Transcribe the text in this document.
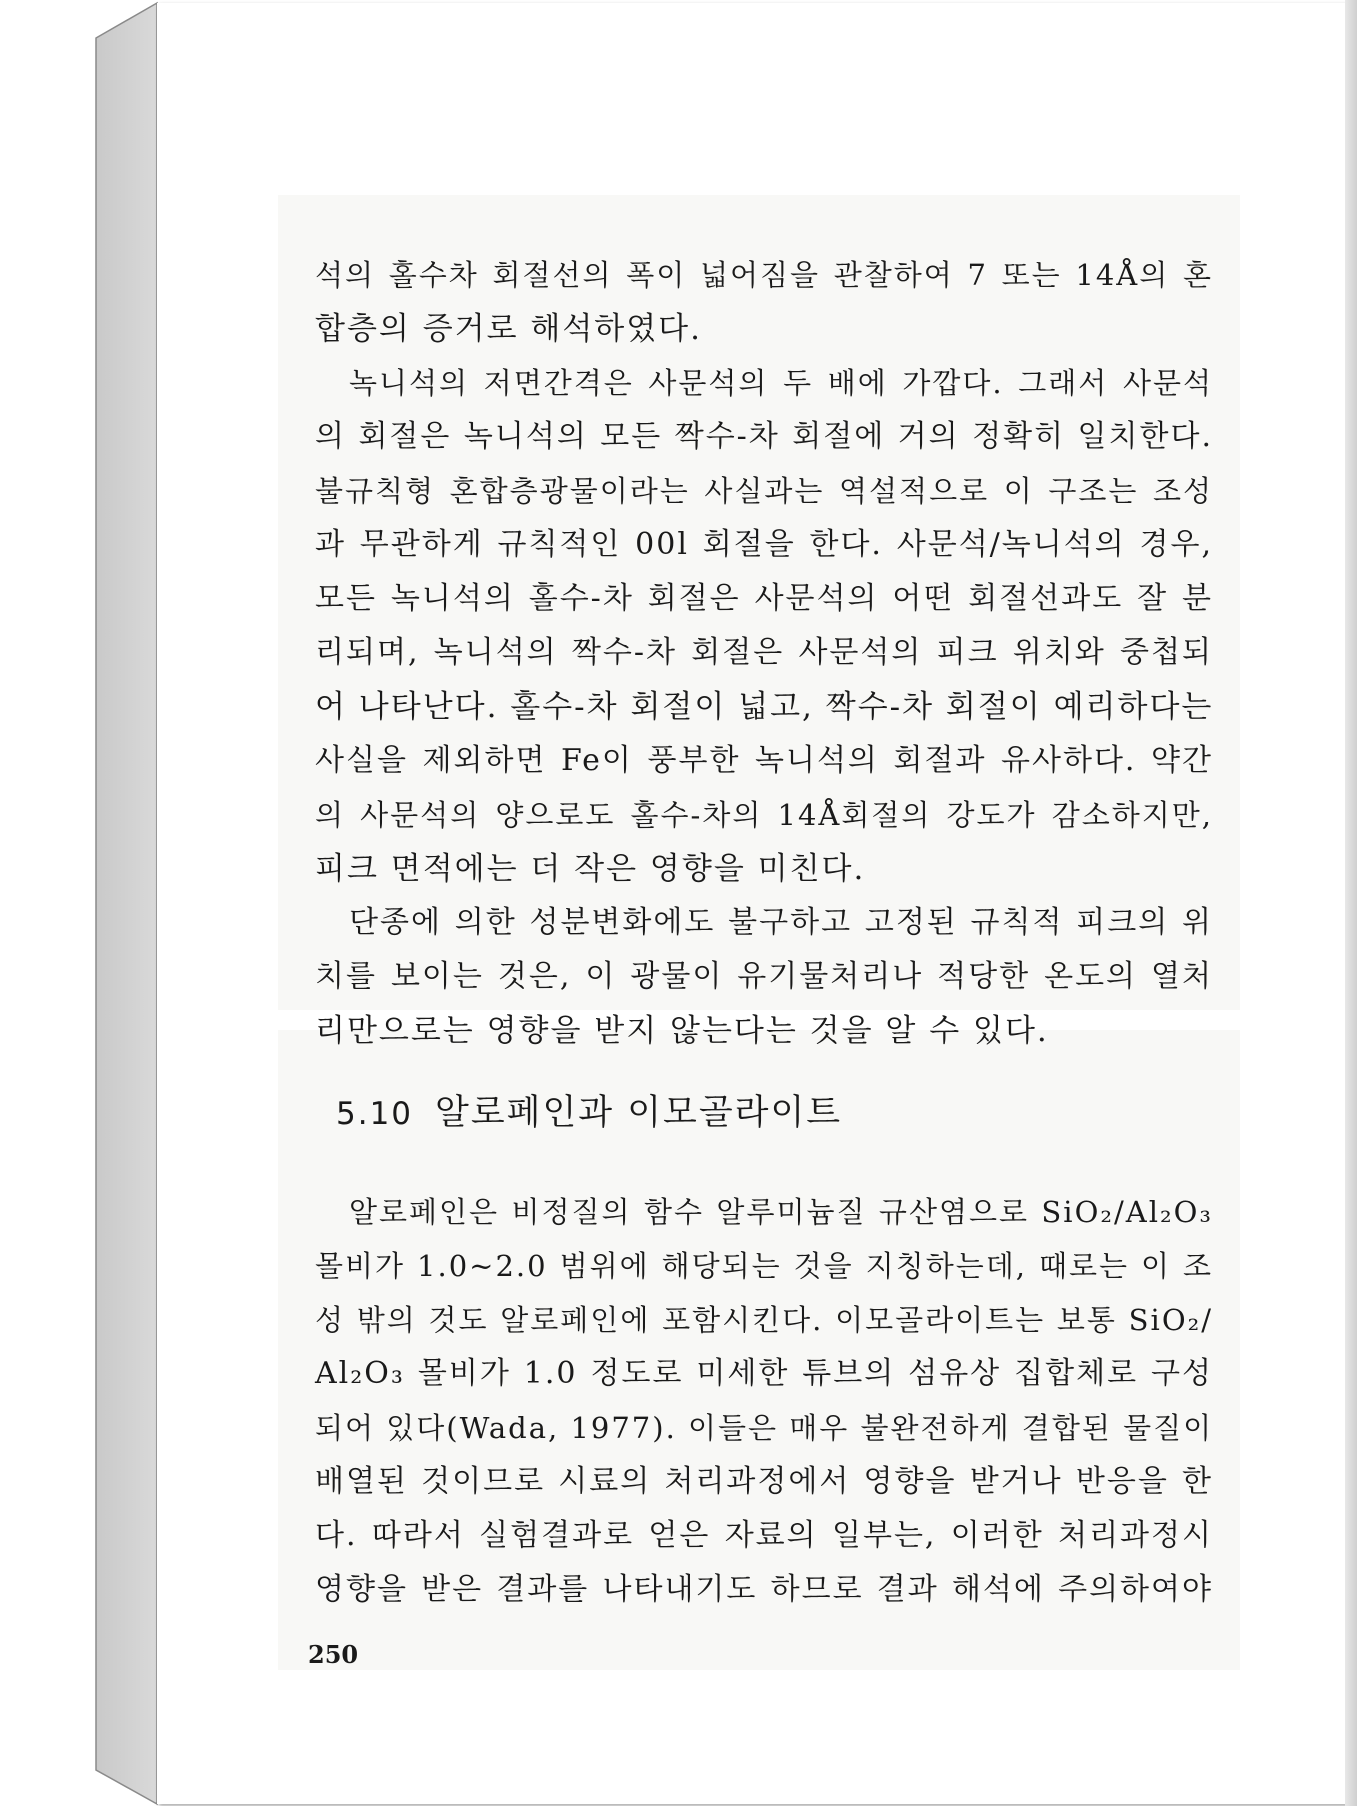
석의 홀수차 회절선의 폭이 넓어짐을 관찰하여 7 또는 14Å의 혼
합층의 증거로 해석하였다.
녹니석의 저면간격은 사문석의 두 배에 가깝다. 그래서 사문석
의 회절은 녹니석의 모든 짝수-차 회절에 거의 정확히 일치한다.
불규칙형 혼합층광물이라는 사실과는 역설적으로 이 구조는 조성
과 무관하게 규칙적인 00l 회절을 한다. 사문석/녹니석의 경우,
모든 녹니석의 홀수-차 회절은 사문석의 어떤 회절선과도 잘 분
리되며, 녹니석의 짝수-차 회절은 사문석의 피크 위치와 중첩되
어 나타난다. 홀수-차 회절이 넓고, 짝수-차 회절이 예리하다는
사실을 제외하면 Fe이 풍부한 녹니석의 회절과 유사하다. 약간
의 사문석의 양으로도 홀수-차의 14Å회절의 강도가 감소하지만,
피크 면적에는 더 작은 영향을 미친다.
단종에 의한 성분변화에도 불구하고 고정된 규칙적 피크의 위
치를 보이는 것은, 이 광물이 유기물처리나 적당한 온도의 열처
리만으로는 영향을 받지 않는다는 것을 알 수 있다.
5.10 알로페인과 이모골라이트
알로페인은 비정질의 함수 알루미늄질 규산염으로 SiO₂/Al₂O₃
몰비가 1.0~2.0 범위에 해당되는 것을 지칭하는데, 때로는 이 조
성 밖의 것도 알로페인에 포함시킨다. 이모골라이트는 보통 SiO₂/
Al₂O₃ 몰비가 1.0 정도로 미세한 튜브의 섬유상 집합체로 구성
되어 있다(Wada, 1977). 이들은 매우 불완전하게 결합된 물질이
배열된 것이므로 시료의 처리과정에서 영향을 받거나 반응을 한
다. 따라서 실험결과로 얻은 자료의 일부는, 이러한 처리과정시
영향을 받은 결과를 나타내기도 하므로 결과 해석에 주의하여야
250
